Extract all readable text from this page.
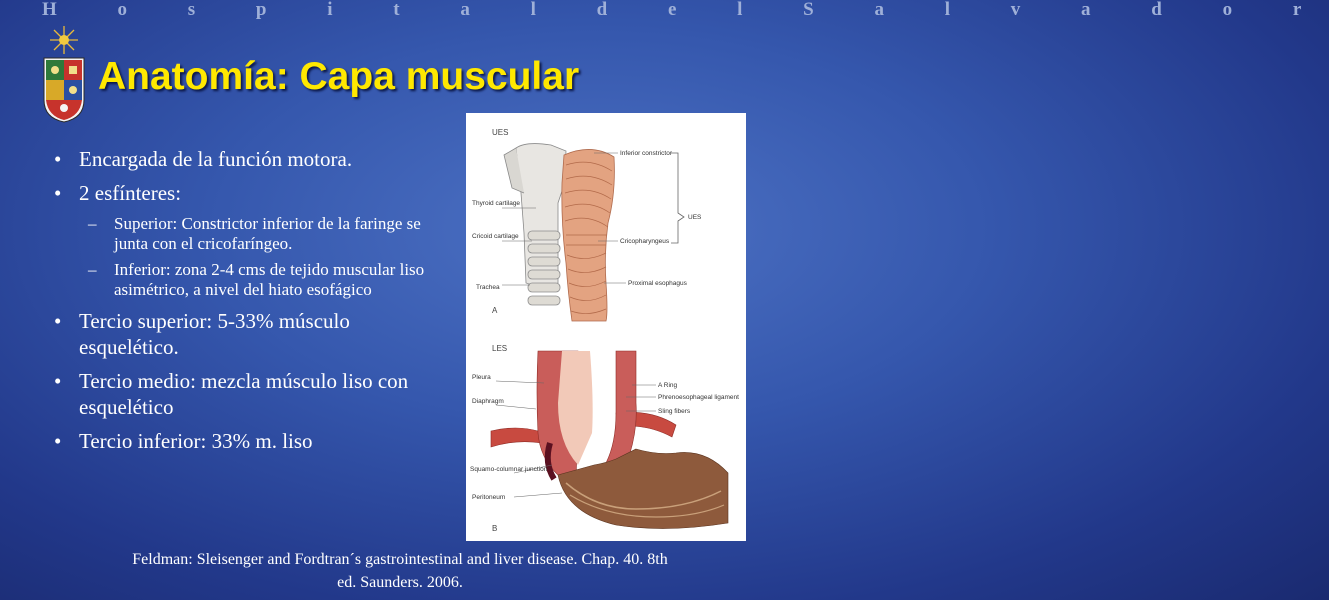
H o s p i t a l d e l S a l v a d o r
Anatomía: Capa muscular
• Encargada de la función motora.
• 2 esfínteres:
– Superior: Constrictor inferior de la faringe se junta con el cricofaríngeo.
– Inferior: zona 2-4 cms de tejido muscular liso asimétrico, a nivel del hiato esofágico
• Tercio superior: 5-33% músculo esquelético.
• Tercio medio: mezcla músculo liso con esquelético
• Tercio inferior: 33% m. liso
UES
Inferior constrictor
UES
Thyroid cartilage
Cricoid cartilage
Cricopharyngeus
Trachea
Proximal esophagus
A
LES
Pleura
A Ring
Phrenoesophageal ligament
Diaphragm
Sling fibers
Squamo-columnar junction
Peritoneum
B
Feldman: Sleisenger and Fordtran´s gastrointestinal and liver disease. Chap. 40. 8th
ed. Saunders. 2006.
